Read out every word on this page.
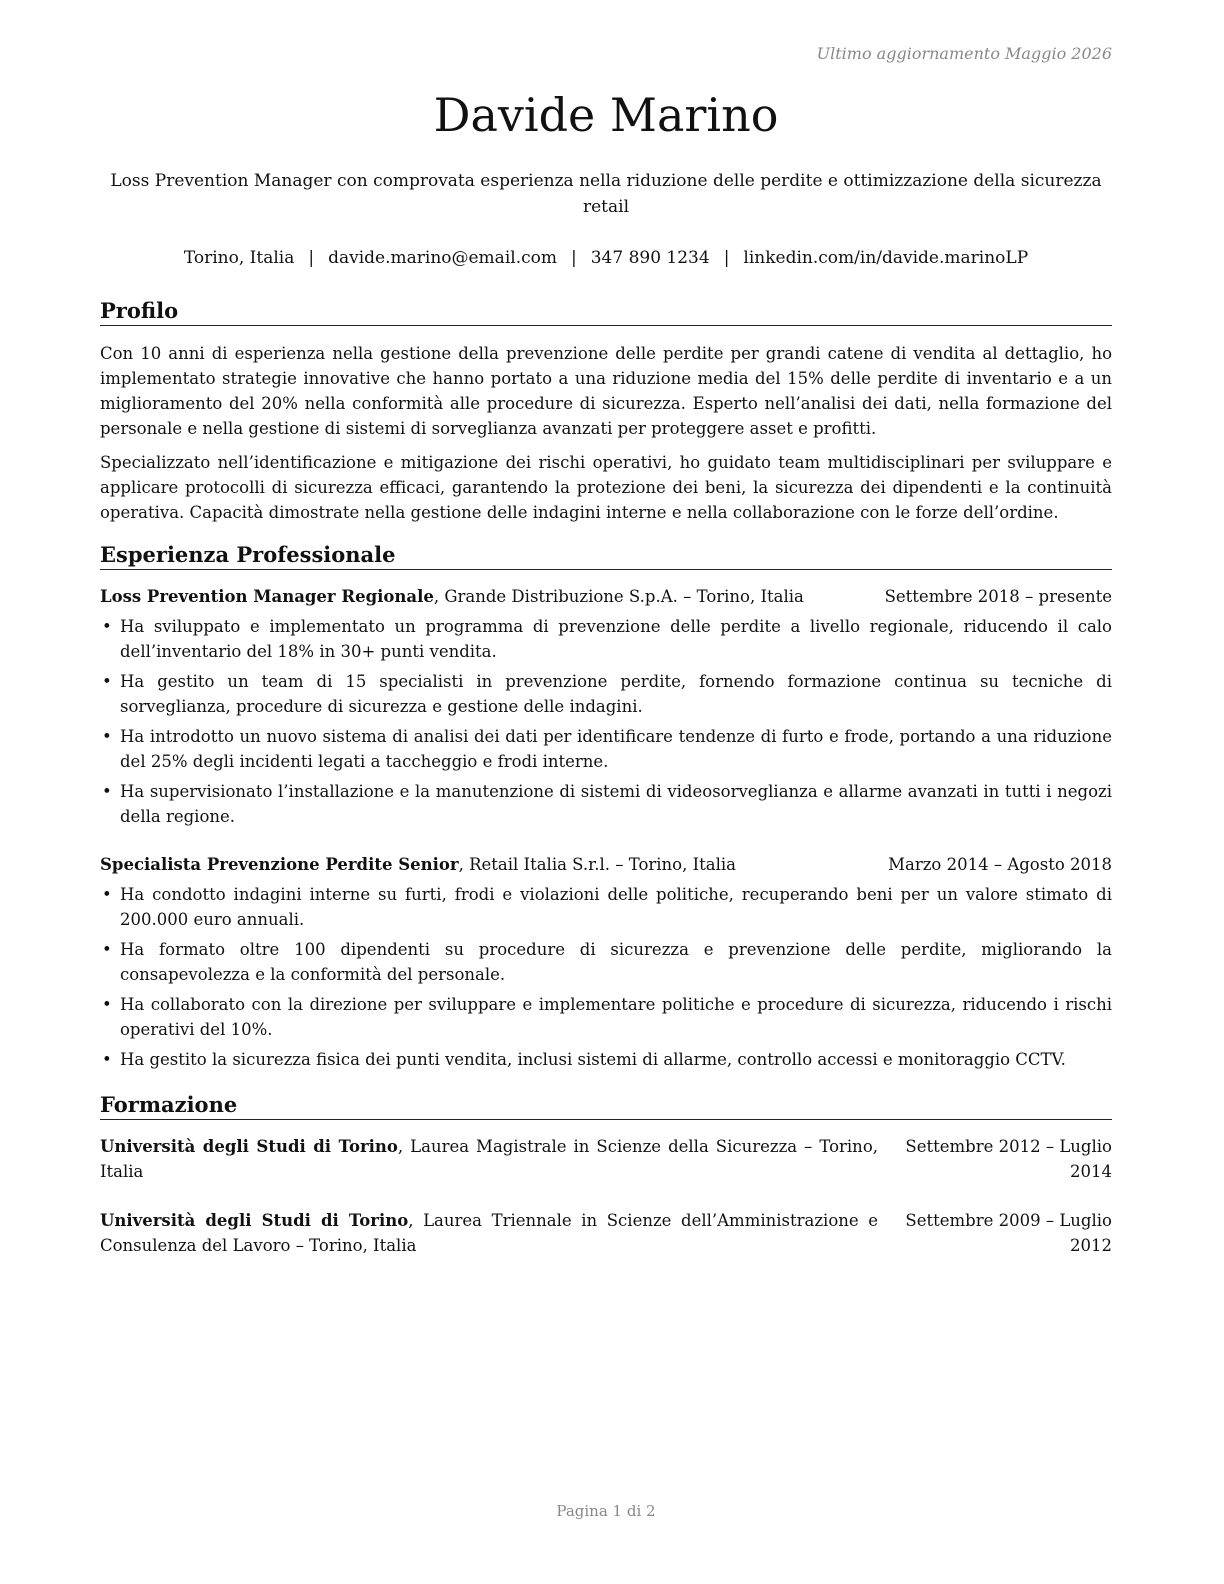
Ultimo aggiornamento Maggio 2026
Davide Marino
Loss Prevention Manager con comprovata esperienza nella riduzione delle perdite e ottimizzazione della sicurezza retail
Torino, Italia | davide.marino@email.com | 347 890 1234 | linkedin.com/in/davide.marinoLP
Profilo

Con 10 anni di esperienza nella gestione della prevenzione delle perdite per grandi catene di vendita al dettaglio, ho implementato strategie innovative che hanno portato a una riduzione media del 15% delle perdite di inventario e a un miglioramento del 20% nella conformità alle procedure di sicurezza. Esperto nell’analisi dei dati, nella formazione del personale e nella gestione di sistemi di sorveglianza avanzati per proteggere asset e profitti.

Specializzato nell’identificazione e mitigazione dei rischi operativi, ho guidato team multidisciplinari per sviluppare e applicare protocolli di sicurezza efficaci, garantendo la protezione dei beni, la sicurezza dei dipendenti e la continuità operativa. Capacità dimostrate nella gestione delle indagini interne e nella collaborazione con le forze dell’ordine.

Esperienza Professionale
Loss Prevention Manager Regionale, Grande Distribuzione S.p.A. – Torino, Italia	Settembre 2018 – presente
• Ha sviluppato e implementato un programma di prevenzione delle perdite a livello regionale, riducendo il calo dell’inventario del 18% in 30+ punti vendita.
• Ha gestito un team di 15 specialisti in prevenzione perdite, fornendo formazione continua su tecniche di sorveglianza, procedure di sicurezza e gestione delle indagini.
• Ha introdotto un nuovo sistema di analisi dei dati per identificare tendenze di furto e frode, portando a una riduzione del 25% degli incidenti legati a taccheggio e frodi interne.
• Ha supervisionato l’installazione e la manutenzione di sistemi di videosorveglianza e allarme avanzati in tutti i negozi della regione.
Specialista Prevenzione Perdite Senior, Retail Italia S.r.l. – Torino, Italia	Marzo 2014 – Agosto 2018
• Ha condotto indagini interne su furti, frodi e violazioni delle politiche, recuperando beni per un valore stimato di 200.000 euro annuali.
• Ha formato oltre 100 dipendenti su procedure di sicurezza e prevenzione delle perdite, migliorando la consapevolezza e la conformità del personale.
• Ha collaborato con la direzione per sviluppare e implementare politiche e procedure di sicurezza, riducendo i rischi operativi del 10%.
• Ha gestito la sicurezza fisica dei punti vendita, inclusi sistemi di allarme, controllo accessi e monitoraggio CCTV.
Formazione
Università degli Studi di Torino, Laurea Magistrale in Scienze della Sicurezza – Torino, Italia
Settembre 2012 – Luglio 2014
Università degli Studi di Torino, Laurea Triennale in Scienze dell’Amministrazione e Consulenza del Lavoro – Torino, Italia
Settembre 2009 – Luglio 2012
Pagina 1 di 2
